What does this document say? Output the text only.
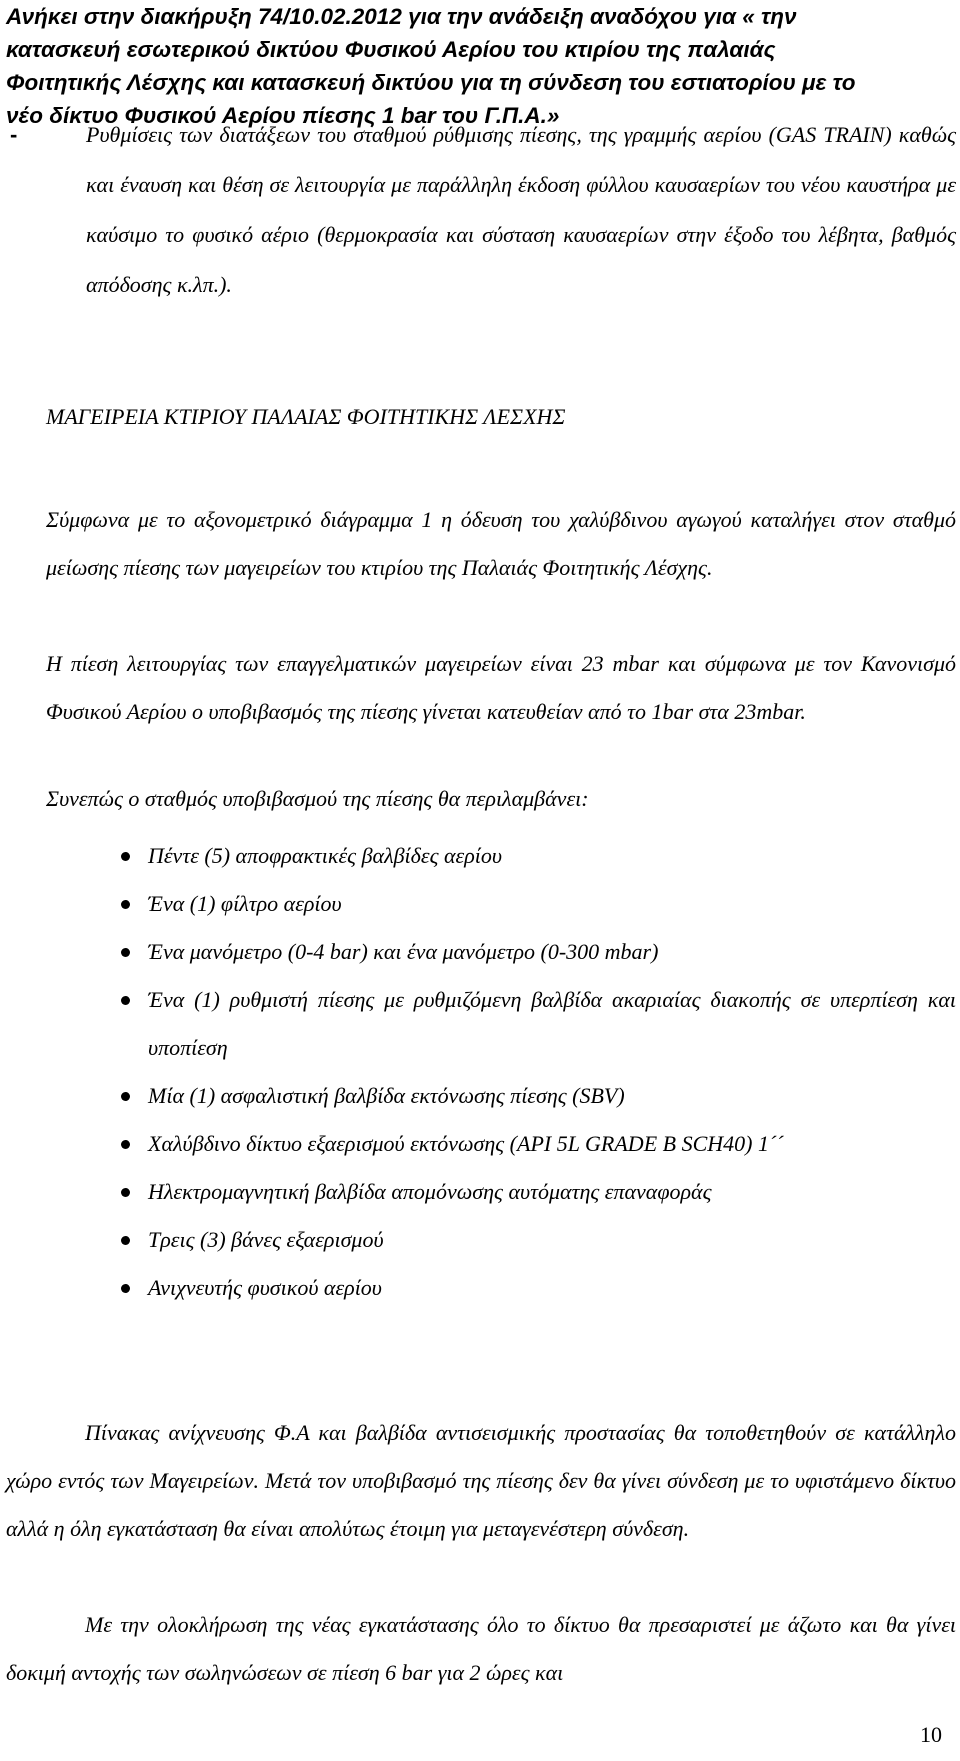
Ανήκει στην διακήρυξη 74/10.02.2012 για την ανάδειξη αναδόχου για « την
κατασκευή εσωτερικού δικτύου Φυσικού Αερίου του κτιρίου της παλαιάς
Φοιτητικής Λέσχης και κατασκευή δικτύου για τη σύνδεση του εστιατορίου με το
νέο δίκτυο Φυσικού Αερίου πίεσης 1 bar του Γ.Π.Α.»
-	Ρυθμίσεις των διατάξεων του σταθμού ρύθμισης πίεσης, της γραμμής αερίου (GAS TRAIN) καθώς και έναυση και θέση σε λειτουργία με παράλληλη έκδοση φύλλου καυσαερίων του νέου καυστήρα με καύσιμο το φυσικό αέριο (θερμοκρασία και σύσταση καυσαερίων στην έξοδο του λέβητα, βαθμός απόδοσης κ.λπ.).

ΜΑΓΕΙΡΕΙΑ ΚΤΙΡΙΟΥ ΠΑΛΑΙΑΣ ΦΟΙΤΗΤΙΚΗΣ ΛΕΣΧΗΣ

Σύμφωνα με το αξονομετρικό διάγραμμα 1 η όδευση του χαλύβδινου αγωγού καταλήγει στον σταθμό μείωσης πίεσης των μαγειρείων του κτιρίου της Παλαιάς Φοιτητικής Λέσχης.

Η πίεση λειτουργίας των επαγγελματικών μαγειρείων είναι 23 mbar και σύμφωνα με τον Κανονισμό Φυσικού Αερίου ο υποβιβασμός της πίεσης γίνεται κατευθείαν από το 1bar στα 23mbar.

Συνεπώς ο σταθμός υποβιβασμού της πίεσης θα περιλαμβάνει:

Πέντε (5) αποφρακτικές βαλβίδες αερίου
Ένα (1) φίλτρο αερίου
Ένα μανόμετρο (0-4 bar) και ένα μανόμετρο (0-300 mbar)
Ένα (1) ρυθμιστή πίεσης με ρυθμιζόμενη βαλβίδα ακαριαίας διακοπής σε υπερπίεση και υποπίεση
Μία (1) ασφαλιστική βαλβίδα εκτόνωσης πίεσης (SBV)
Χαλύβδινο δίκτυο εξαερισμού εκτόνωσης (API 5L GRADE B SCH40) 1´´
Ηλεκτρομαγνητική βαλβίδα απομόνωσης αυτόματης επαναφοράς
Τρεις (3) βάνες εξαερισμού
Ανιχνευτής φυσικού αερίου

Πίνακας ανίχνευσης Φ.Α και βαλβίδα αντισεισμικής προστασίας θα τοποθετηθούν σε κατάλληλο χώρο εντός των Μαγειρείων. Μετά τον υποβιβασμό της πίεσης δεν θα γίνει σύνδεση με το υφιστάμενο δίκτυο αλλά η όλη εγκατάσταση θα είναι απολύτως έτοιμη για μεταγενέστερη σύνδεση.

Με την ολοκλήρωση της νέας εγκατάστασης όλο το δίκτυο θα πρεσαριστεί με άζωτο και θα γίνει δοκιμή αντοχής των σωληνώσεων σε πίεση 6 bar για 2 ώρες και

10
